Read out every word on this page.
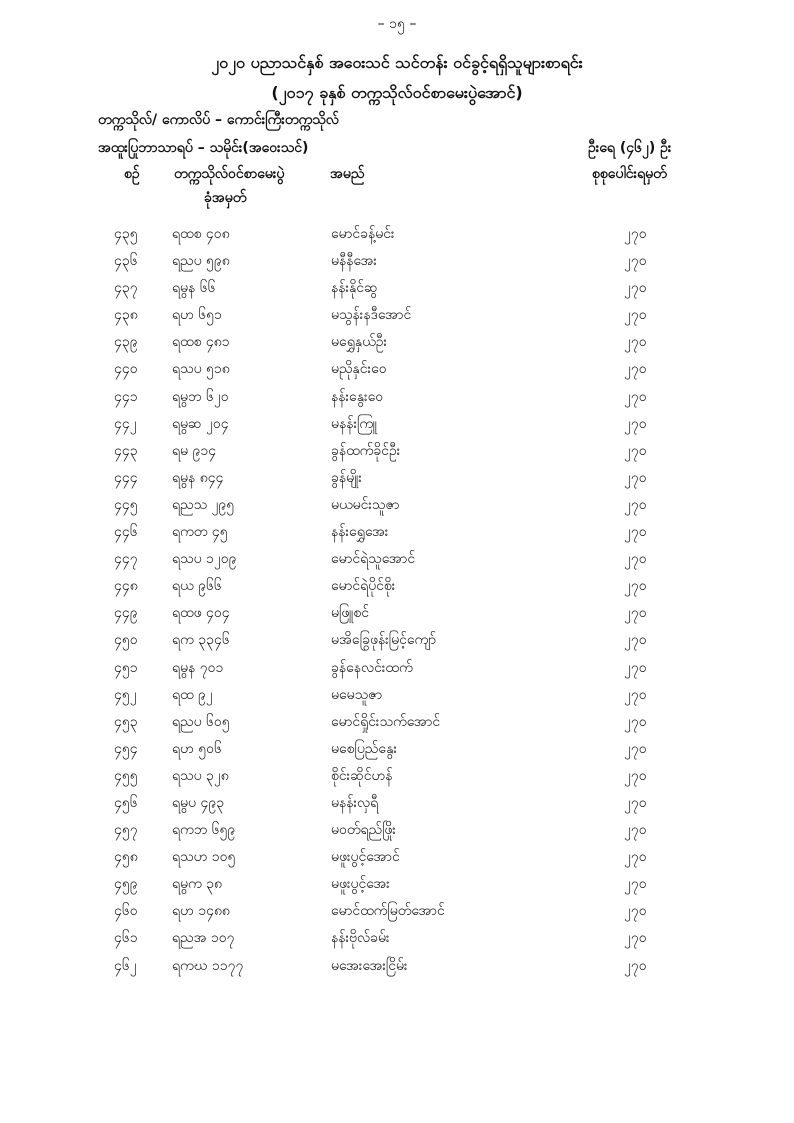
– ၁၅ –
၂၀၂၀ ပညာသင်နှစ် အဝေးသင် သင်တန်း ဝင်ခွင့်ရရှိသူများစာရင်း
(၂၀၁၇ ခုနှစ် တက္ကသိုလ်ဝင်စာမေးပွဲအောင်)
တက္ကသိုလ်/ ကောလိပ် – ကောင်းကြီးတက္ကသိုလ်
အထူးပြုဘာသာရပ် – သမိုင်း(အဝေးသင်)	ဦးရေ (၄၆၂) ဦး
စဉ် တက္ကသိုလ်ဝင်စာမေးပွဲ
ခုံအမှတ်
အမည်	စုစုပေါင်းရမှတ်
၄၃၅ ရထစ ၄၀၈	မောင်ခန့်မင်း	၂၇၀
၄၃၆ ရညပ ၅၉၈	မနီနီအေး	၂၇၀
၄၃၇ ရမွန ၆၆	နန်းနိုင်ဆွ	၂၇၀
၄၃၈ ရဟ ၆၅၁	မသွန်းနဒီအောင်	၂၇၀
၄၃၉ ရထစ ၄၈၁	မရွှေနှယ်ဦး	၂၇၀
၄၄၀ ရသပ ၅၁၈	မညိုနှင်းဝေ	၂၇၀
၄၄၁ ရမွဘ ၆၂၀	နန်းနွေးဝေ	၂၇၀
၄၄၂	ရမွဆ ၂၀၄	မနန်းကြူ	၂၇၀
၄၄၃ ရမ ၉၁၄	ခွန်ထက်ခိုင်ဦး	၂၇၀
၄၄၄ ရမွန ၈၄၄	ခွန်မျိုး	၂၇၀
၄၄၅ ရညသ ၂၉၅	မယမင်းသူဇာ	၂၇၀
၄၄၆ ရကတ ၄၅	နန်းရွှေအေး	၂၇၀
၄၄၇ ရသပ ၁၂၀၉	မောင်ရဲသူအောင်	၂၇၀
၄၄၈ ရယ ၉၆၆	မောင်ရဲပိုင်စိုး	၂၇၀
၄၄၉ ရထဖ ၄၀၄	မဖြူစင်	၂၇၀
၄၅၀ ရက ၃၃၄၆	မအိခြွေဖုန်းမြင့်ကျော်	၂၇၀
၄၅၁ ရမွန ၇၀၁	ခွန်နေလင်းထက်	၂၇၀
၄၅၂	ရထ ၉၂	မမေသူဇာ	၂၇၀
၄၅၃ ရညပ ၆၀၅	မောင်ရှိုင်းသက်အောင်	၂၇၀
၄၅၄ ရဟ ၅၀၆	မစေပြည်နွေး	၂၇၀
၄၅၅ ရသပ ၃၂၈	စိုင်းဆိုင်ဟန်	၂၇၀
၄၅၆ ရမွပ ၄၉၃	မနန်းလှရီ	၂၇၀
၄၅၇ ရကဘ ၆၅၉	မဝတ်ရည်ဖြိုး	၂၇၀
၄၅၈ ရသဟ ၁၀၅	မဖူးပွင့်အောင်	၂၇၀
၄၅၉ ရမွက ၃၈	မဖူးပွင့်အေး	၂၇၀
၄၆၀ ရဟ ၁၄၈၈	မောင်ထက်မြတ်အောင်	၂၇၀
၄၆၁ ရညအ ၁၀၇	နန်းဗိုလ်ခမ်း	၂၇၀
၄၆၂	ရကဃ ၁၁၇၇	မအေးအေးငြိမ်း	၂၇၀
